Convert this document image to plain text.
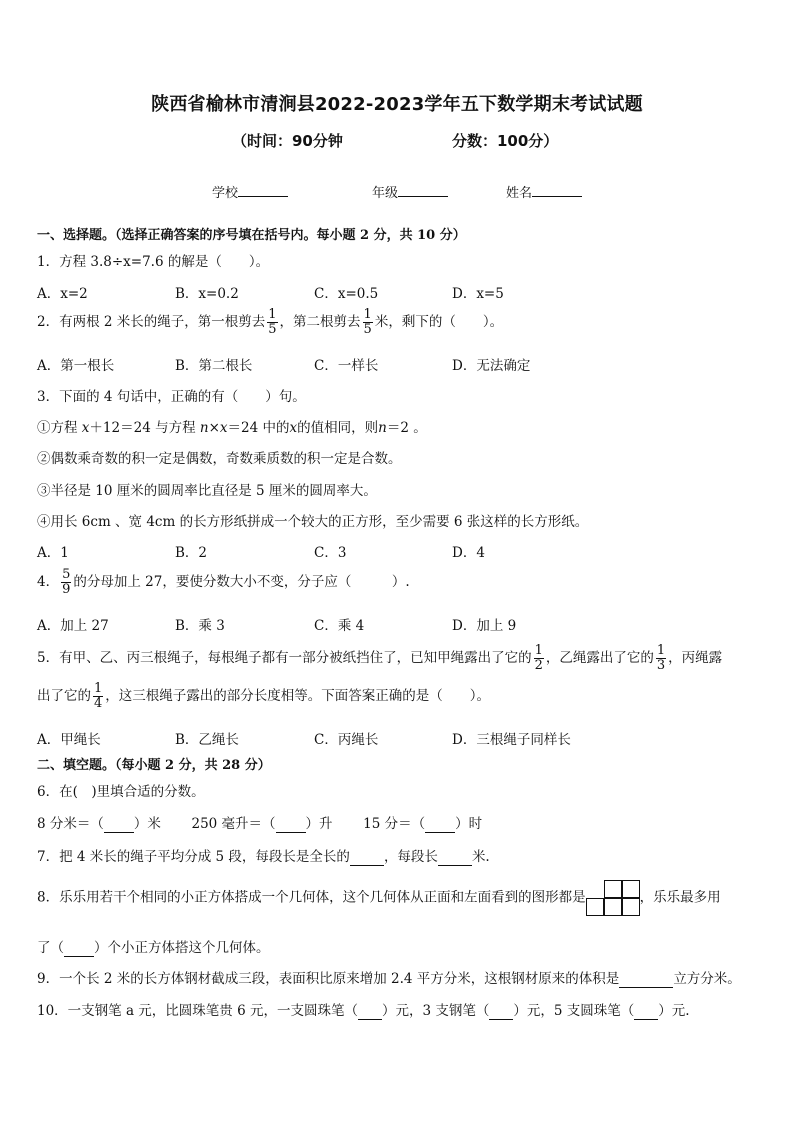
陕西省榆林市清涧县2022-2023学年五下数学期末考试试题
（时间：90分钟	分数：100分）
学校	年级	姓名
一、选择题。（选择正确答案的序号填在括号内。每小题 2 分，共 10 分）
1．方程 3.8÷x=7.6 的解是（　　）。
A．x=2	B．x=0.2	C．x=0.5	D．x=5
2．有两根 2 米长的绳子，第一根剪去 $\frac{1}{5}$ ，第二根剪去 $\frac{1}{5}$ 米，剩下的（　　）。
A．第一根长	B．第二根长	C．一样长	D．无法确定
3．下面的 4 句话中，正确的有（　　）句。
①方程 x＋12＝24 与方程 n×x＝24 中的x的值相同，则n＝2 。
②偶数乘奇数的积一定是偶数，奇数乘质数的积一定是合数。
③半径是 10 厘米的圆周率比直径是 5 厘米的圆周率大。
④用长 6cm 、宽 4cm 的长方形纸拼成一个较大的正方形，至少需要 6 张这样的长方形纸。
A．1	B．2	C．3	D．4
4． $\frac{5}{9}$ 的分母加上 27，要使分数大小不变，分子应（　　　）.
A．加上 27	B．乘 3	C．乘 4	D．加上 9
5．有甲、乙、丙三根绳子，每根绳子都有一部分被纸挡住了，已知甲绳露出了它的 $\frac{1}{2}$ ，乙绳露出了它的 $\frac{1}{3}$ ，丙绳露
出了它的 $\frac{1}{4}$ ，这三根绳子露出的部分长度相等。下面答案正确的是（　　）。
A．甲绳长	B．乙绳长	C．丙绳长	D．三根绳子同样长
二、填空题。（每小题 2 分，共 28 分）
6．在(　)里填合适的分数。
8 分米＝（ ）米 250 毫升＝（ ）升 15 分＝（ ）时
7．把 4 米长的绳子平均分成 5 段，每段长是全长的	，每段长	米.
8．乐乐用若干个相同的小正方体搭成一个几何体，这个几何体从正面和左面看到的图形都是	，乐乐最多用
了（ ）个小正方体搭这个几何体。
9．一个长 2 米的长方体钢材截成三段，表面积比原来增加 2.4 平方分米，这根钢材原来的体积是	立方分米。
10．一支钢笔 a 元，比圆珠笔贵 6 元，一支圆珠笔（ ）元，3 支钢笔（ ）元，5 支圆珠笔（ ）元.
